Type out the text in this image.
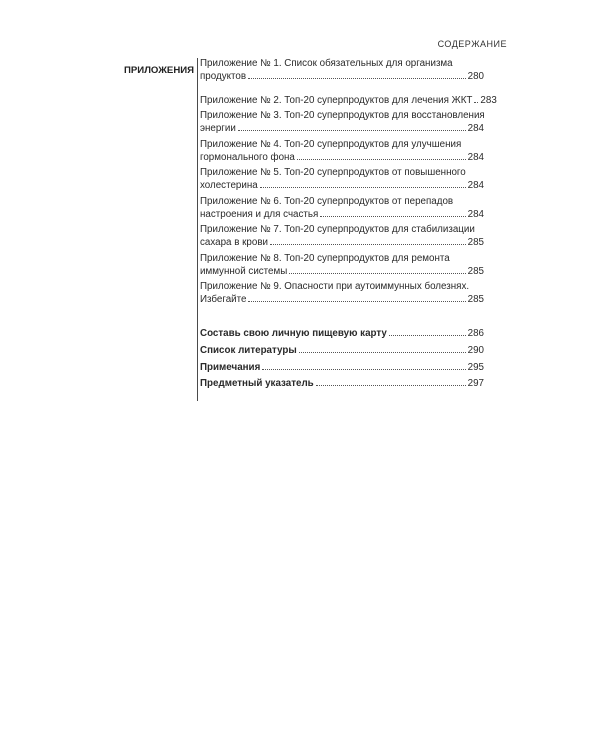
СОДЕРЖАНИЕ
ПРИЛОЖЕНИЯ
Приложение № 1. Список обязательных для организма
продуктов	280
Приложение № 2. Топ-20 суперпродуктов для лечения ЖКТ 283
Приложение № 3. Топ-20 суперпродуктов для восстановления
энергии	284
Приложение № 4. Топ-20 суперпродуктов для улучшения
гормонального фона	284
Приложение № 5. Топ-20 суперпродуктов от повышенного
холестерина	284
Приложение № 6. Топ-20 суперпродуктов от перепадов
настроения и для счастья	284
Приложение № 7. Топ-20 суперпродуктов для стабилизации
сахара в крови	285
Приложение № 8. Топ-20 суперпродуктов для ремонта
иммунной системы	285
Приложение № 9. Опасности при аутоиммунных болезнях.
Избегайте	285
Составь свою личную пищевую карту	286
Список литературы	290
Примечания	295
Предметный указатель	297
